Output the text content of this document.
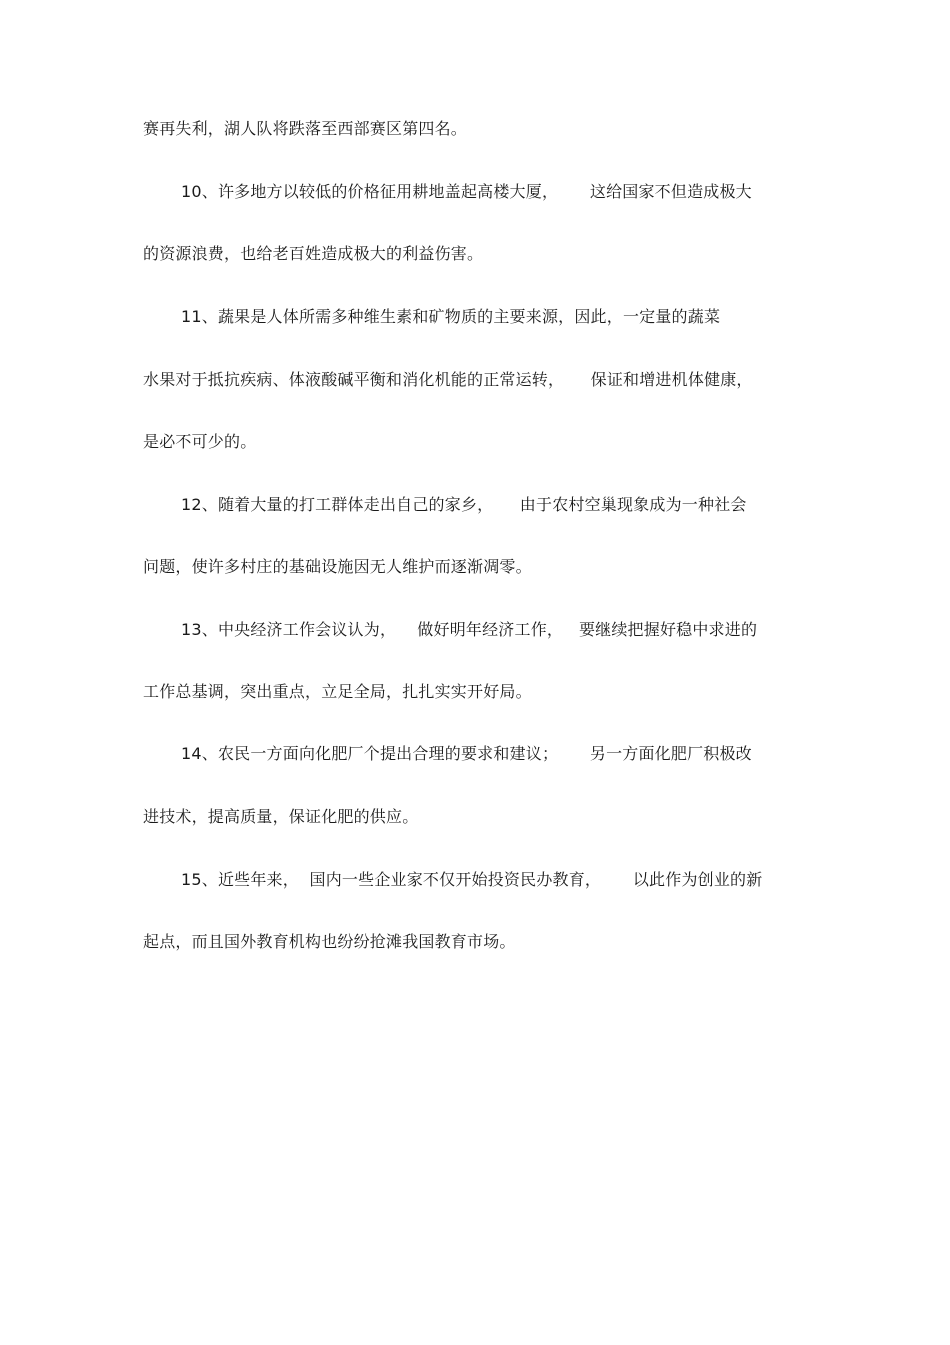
赛再失利，湖人队将跌落至西部赛区第四名。
10、许多地方以较低的价格征用耕地盖起高楼大厦，      这给国家不但造成极大
的资源浪费，也给老百姓造成极大的利益伤害。
11、蔬果是人体所需多种维生素和矿物质的主要来源，因此，一定量的蔬菜
水果对于抵抗疾病、体液酸碱平衡和消化机能的正常运转，     保证和增进机体健康，
是必不可少的。
12、随着大量的打工群体走出自己的家乡，     由于农村空巢现象成为一种社会
问题，使许多村庄的基础设施因无人维护而逐渐凋零。
13、中央经济工作会议认为，    做好明年经济工作，   要继续把握好稳中求进的
工作总基调，突出重点，立足全局，扎扎实实开好局。
14、农民一方面向化肥厂个提出合理的要求和建议；      另一方面化肥厂积极改
进技术，提高质量，保证化肥的供应。
15、近些年来，  国内一些企业家不仅开始投资民办教育，      以此作为创业的新
起点，而且国外教育机构也纷纷抢滩我国教育市场。
